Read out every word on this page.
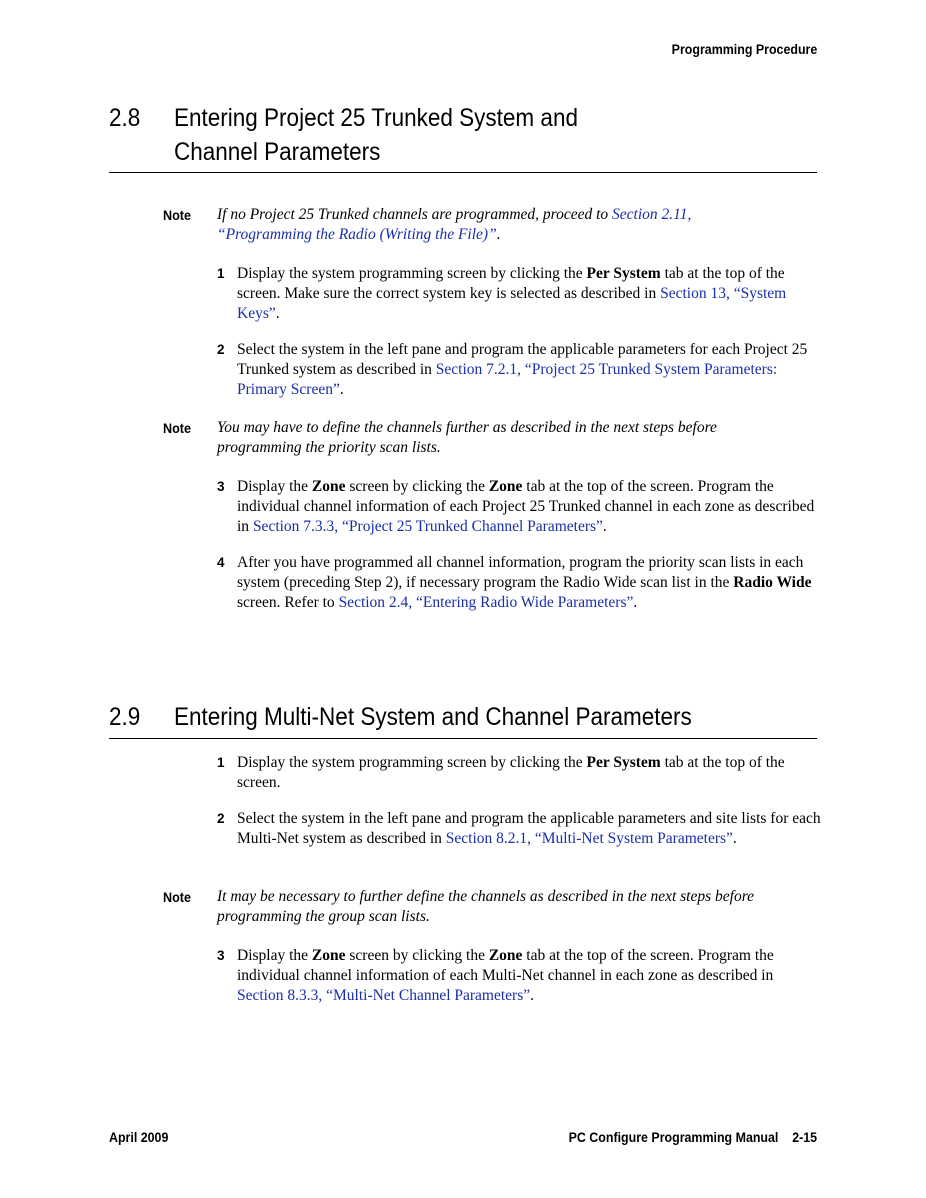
Programming Procedure
2.8 Entering Project 25 Trunked System and
Channel Parameters
Note If no Project 25 Trunked channels are programmed, proceed to Section 2.11,
“Programming the Radio (Writing the File)”.
1 Display the system programming screen by clicking the Per System tab at the top of the screen. Make sure the correct system key is selected as described in Section 13, “System Keys”.
2 Select the system in the left pane and program the applicable parameters for each Project 25 Trunked system as described in Section 7.2.1, “Project 25 Trunked System Parameters: Primary Screen”.
Note You may have to define the channels further as described in the next steps before programming the priority scan lists.
3 Display the Zone screen by clicking the Zone tab at the top of the screen. Program the individual channel information of each Project 25 Trunked channel in each zone as described in Section 7.3.3, “Project 25 Trunked Channel Parameters”.
4 After you have programmed all channel information, program the priority scan lists in each system (preceding Step 2), if necessary program the Radio Wide scan list in the Radio Wide screen. Refer to Section 2.4, “Entering Radio Wide Parameters”.
2.9 Entering Multi-Net System and Channel Parameters
1 Display the system programming screen by clicking the Per System tab at the top of the screen.
2 Select the system in the left pane and program the applicable parameters and site lists for each Multi-Net system as described in Section 8.2.1, “Multi-Net System Parameters”.
Note It may be necessary to further define the channels as described in the next steps before programming the group scan lists.
3 Display the Zone screen by clicking the Zone tab at the top of the screen. Program the individual channel information of each Multi-Net channel in each zone as described in Section 8.3.3, “Multi-Net Channel Parameters”.
April 2009	PC Configure Programming Manual 2-15
